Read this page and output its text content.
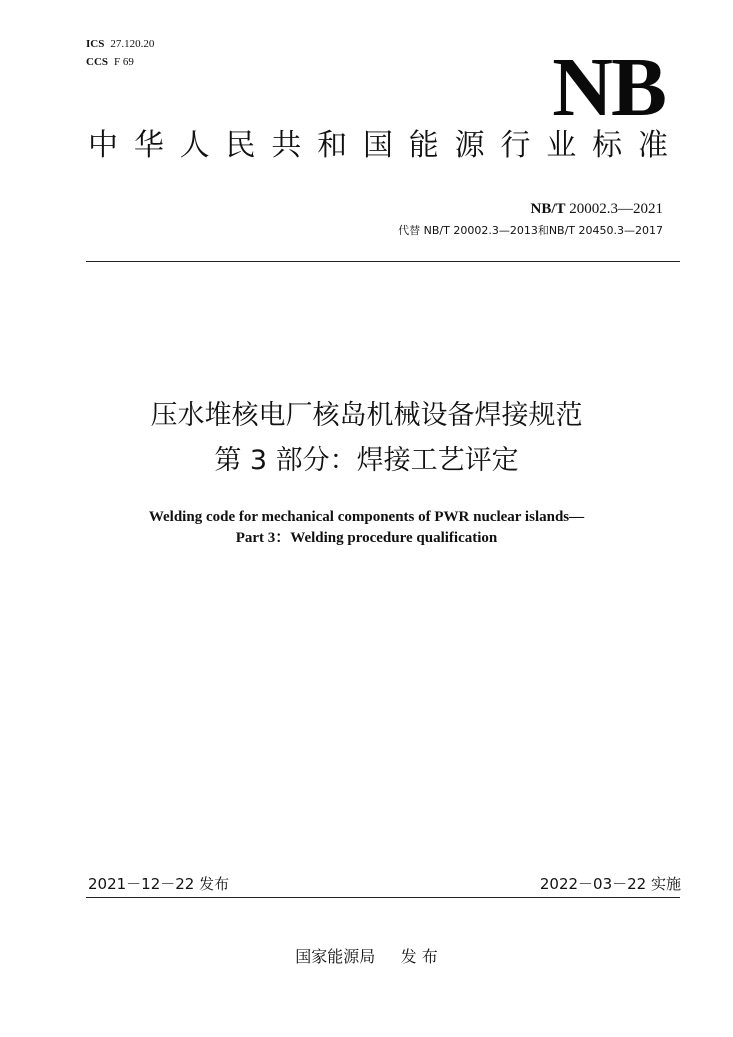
ICS 27.120.20
CCS F 69	NB
中 华 人 民 共 和 国 能 源 行 业 标 准
NB/T 20002.3—2021
代替 NB/T 20002.3—2013和NB/T 20450.3—2017
压水堆核电厂核岛机械设备焊接规范
第 3 部分：焊接工艺评定
Welding code for mechanical components of PWR nuclear islands—
Part 3：Welding procedure qualification
2021－12－22 发布	2022－03－22 实施
国家能源局     发 布
